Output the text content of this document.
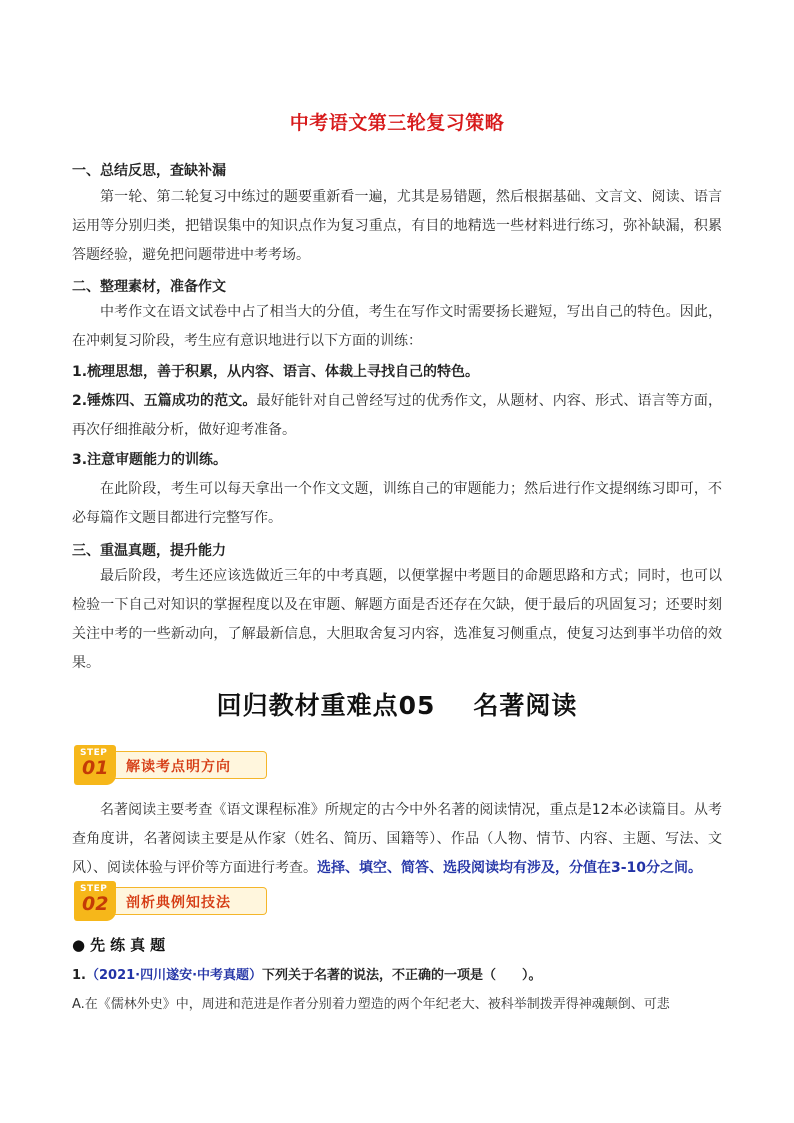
中考语文第三轮复习策略
一、总结反思，查缺补漏
第一轮、第二轮复习中练过的题要重新看一遍，尤其是易错题，然后根据基础、文言文、阅读、语言运用等分别归类，把错误集中的知识点作为复习重点，有目的地精选一些材料进行练习，弥补缺漏，积累答题经验，避免把问题带进中考考场。
二、整理素材，准备作文
中考作文在语文试卷中占了相当大的分值，考生在写作文时需要扬长避短，写出自己的特色。因此，在冲刺复习阶段，考生应有意识地进行以下方面的训练：
1.梳理思想，善于积累，从内容、语言、体裁上寻找自己的特色。
2.锤炼四、五篇成功的范文。最好能针对自己曾经写过的优秀作文，从题材、内容、形式、语言等方面，再次仔细推敲分析，做好迎考准备。
3.注意审题能力的训练。
在此阶段，考生可以每天拿出一个作文文题，训练自己的审题能力；然后进行作文提纲练习即可，不必每篇作文题目都进行完整写作。
三、重温真题，提升能力
最后阶段，考生还应该选做近三年的中考真题，以便掌握中考题目的命题思路和方式；同时，也可以检验一下自己对知识的掌握程度以及在审题、解题方面是否还存在欠缺，便于最后的巩固复习；还要时刻关注中考的一些新动向，了解最新信息，大胆取舍复习内容，选准复习侧重点，使复习达到事半功倍的效果。
回归教材重难点05 名著阅读
解读考点明方向
STEP
01
名著阅读主要考查《语文课程标准》所规定的古今中外名著的阅读情况，重点是12本必读篇目。从考查角度讲，名著阅读主要是从作家（姓名、简历、国籍等）、作品（人物、情节、内容、主题、写法、文风）、阅读体验与评价等方面进行考查。选择、填空、简答、选段阅读均有涉及，分值在3-10分之间。
剖析典例知技法
STEP
02
●先练真题
1.（2021·四川遂安·中考真题）下列关于名著的说法，不正确的一项是（　　）。
A.在《儒林外史》中，周进和范进是作者分别着力塑造的两个年纪老大、被科举制拨弄得神魂颠倒、可悲
